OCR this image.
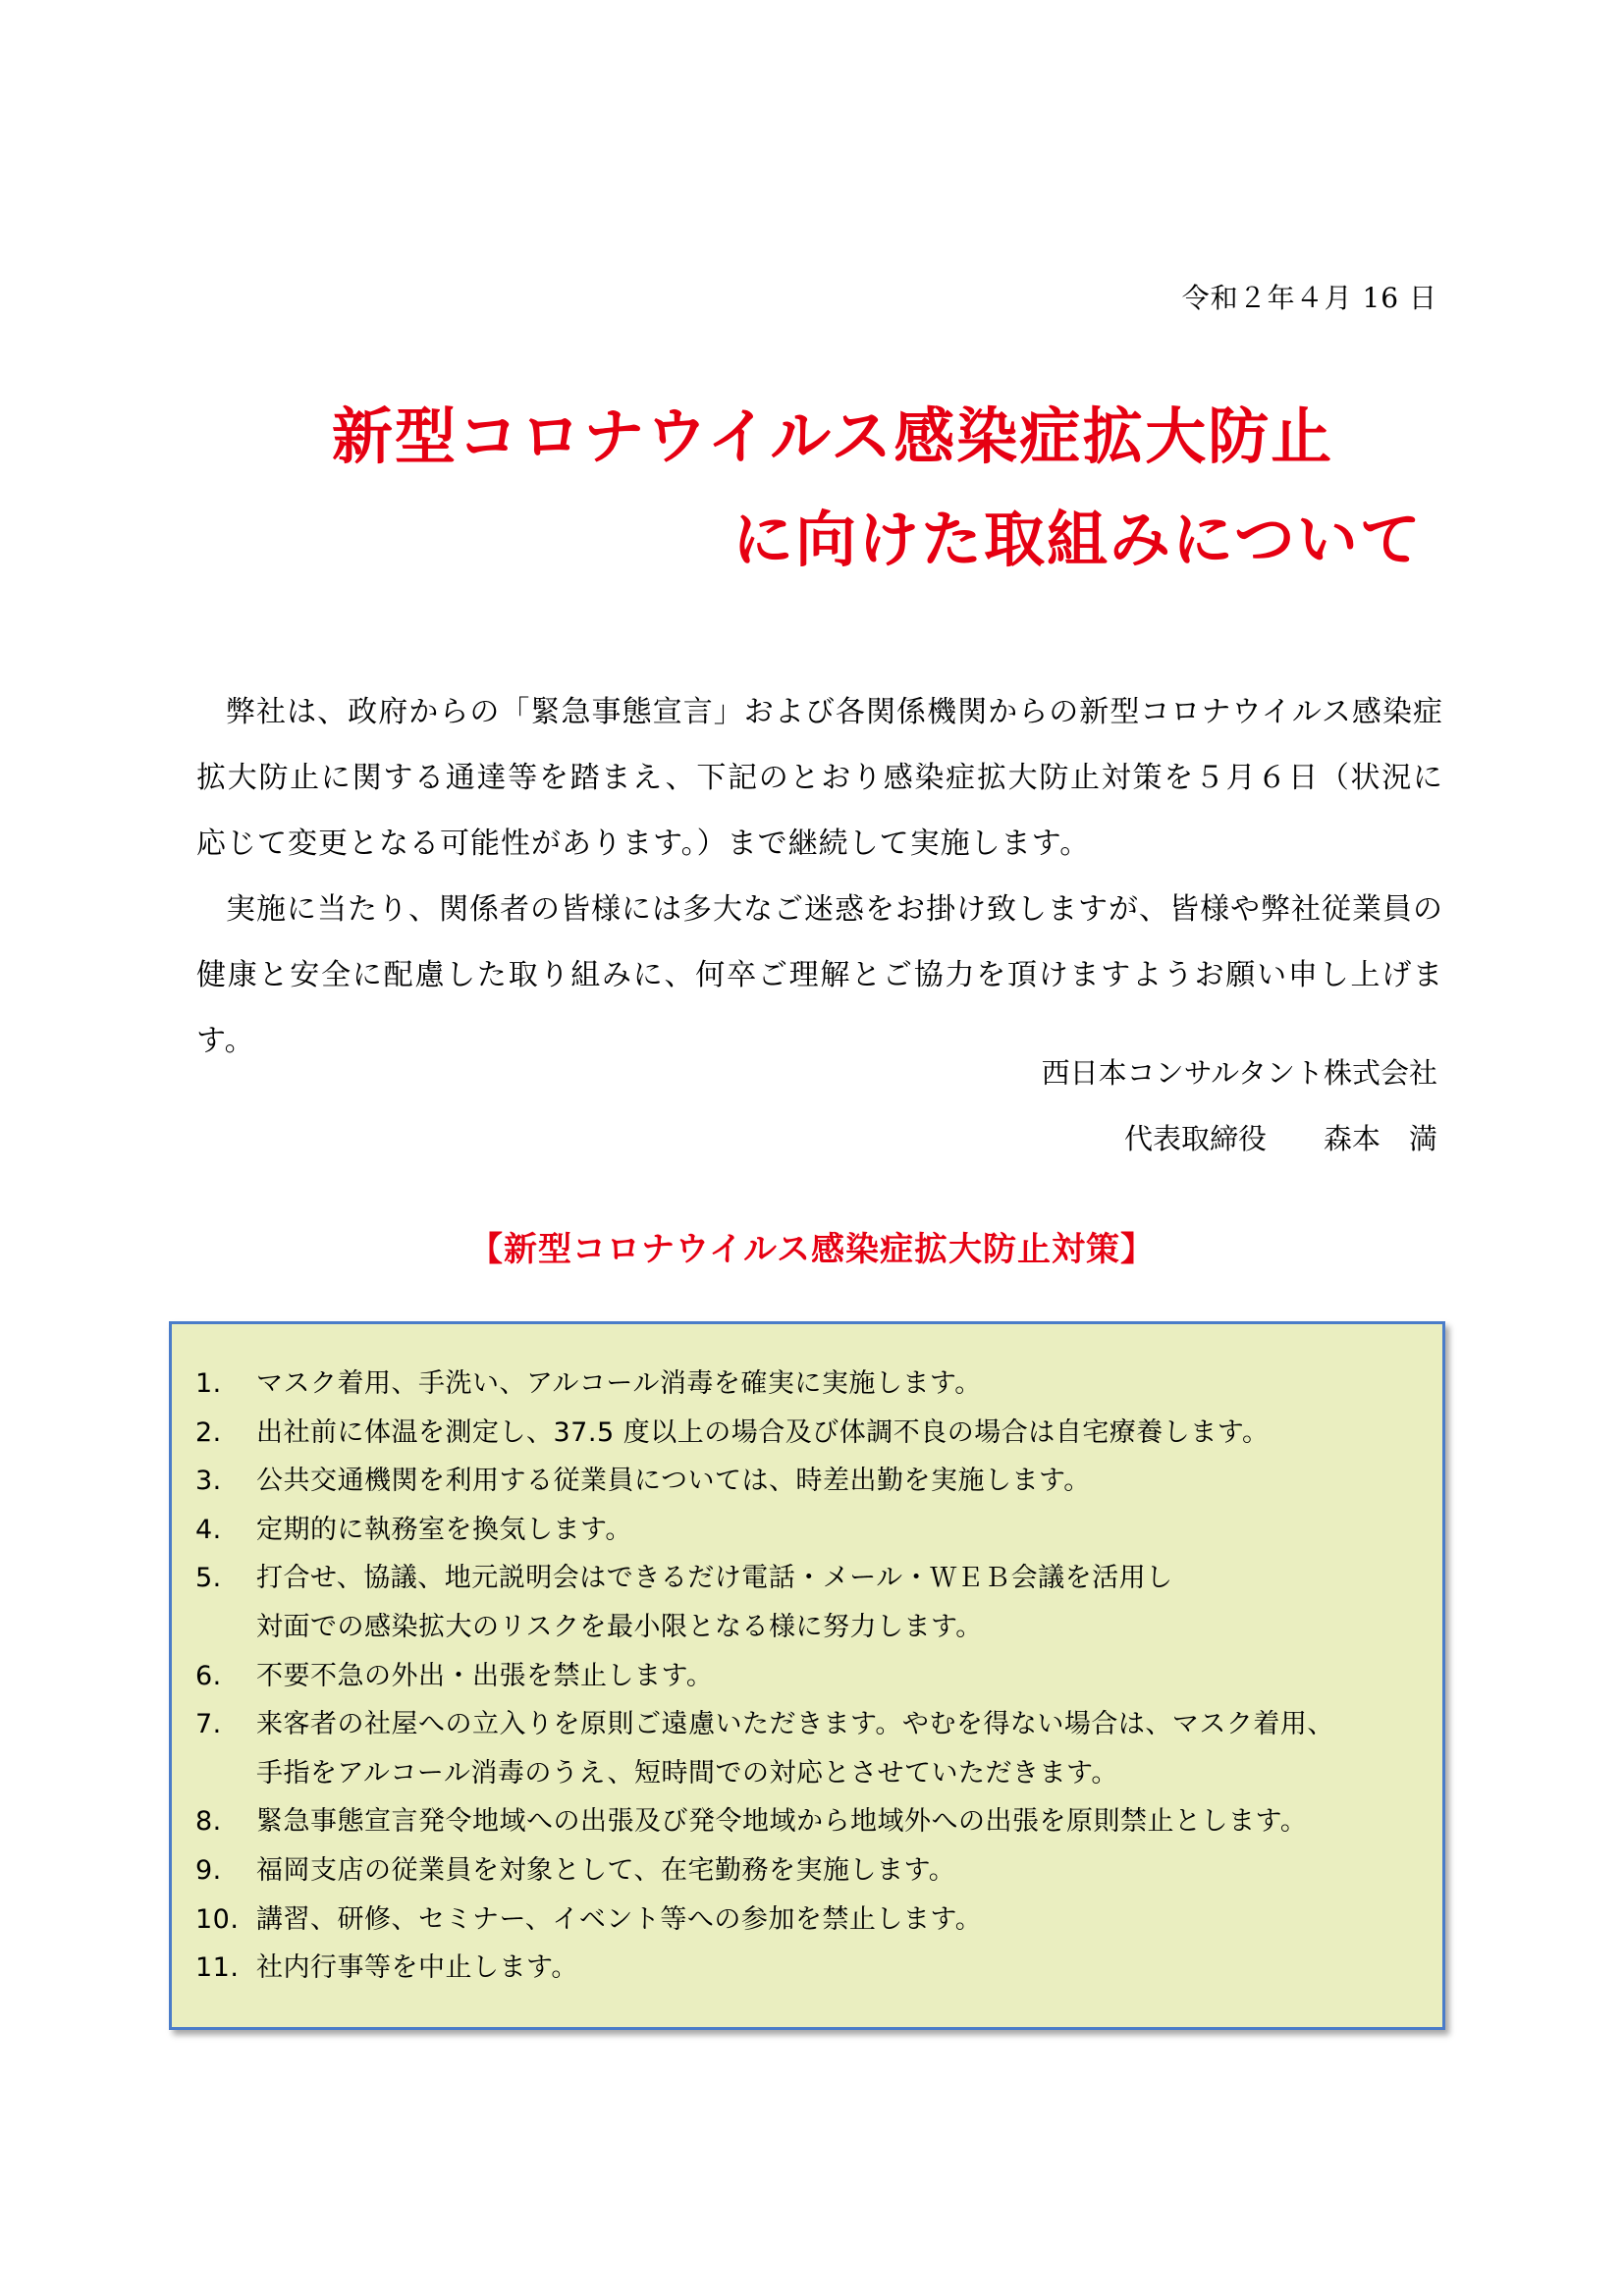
令和２年４月 16 日
新型コロナウイルス感染症拡大防止
に向けた取組みについて

弊社は、政府からの「緊急事態宣言」および各関係機関からの新型コロナウイルス感染症拡大防止に関する通達等を踏まえ、下記のとおり感染症拡大防止対策を５月６日（状況に応じて変更となる可能性があります。）まで継続して実施します。

実施に当たり、関係者の皆様には多大なご迷惑をお掛け致しますが、皆様や弊社従業員の健康と安全に配慮した取り組みに、何卒ご理解とご協力を頂けますようお願い申し上げます。

西日本コンサルタント株式会社
代表取締役 森本　満
【新型コロナウイルス感染症拡大防止対策】
1.	マスク着用、手洗い、アルコール消毒を確実に実施します。
2.	出社前に体温を測定し、37.5 度以上の場合及び体調不良の場合は自宅療養します。
3.	公共交通機関を利用する従業員については、時差出勤を実施します。
4.	定期的に執務室を換気します。
5.	打合せ、協議、地元説明会はできるだけ電話・メール・ＷＥＢ会議を活用し
対面での感染拡大のリスクを最小限となる様に努力します。
6.	不要不急の外出・出張を禁止します。
7.	来客者の社屋への立入りを原則ご遠慮いただきます。やむを得ない場合は、マスク着用、
手指をアルコール消毒のうえ、短時間での対応とさせていただきます。
8.	緊急事態宣言発令地域への出張及び発令地域から地域外への出張を原則禁止とします。
9.	福岡支店の従業員を対象として、在宅勤務を実施します。
10. 講習、研修、セミナー、イベント等への参加を禁止します。
11. 社内行事等を中止します。
